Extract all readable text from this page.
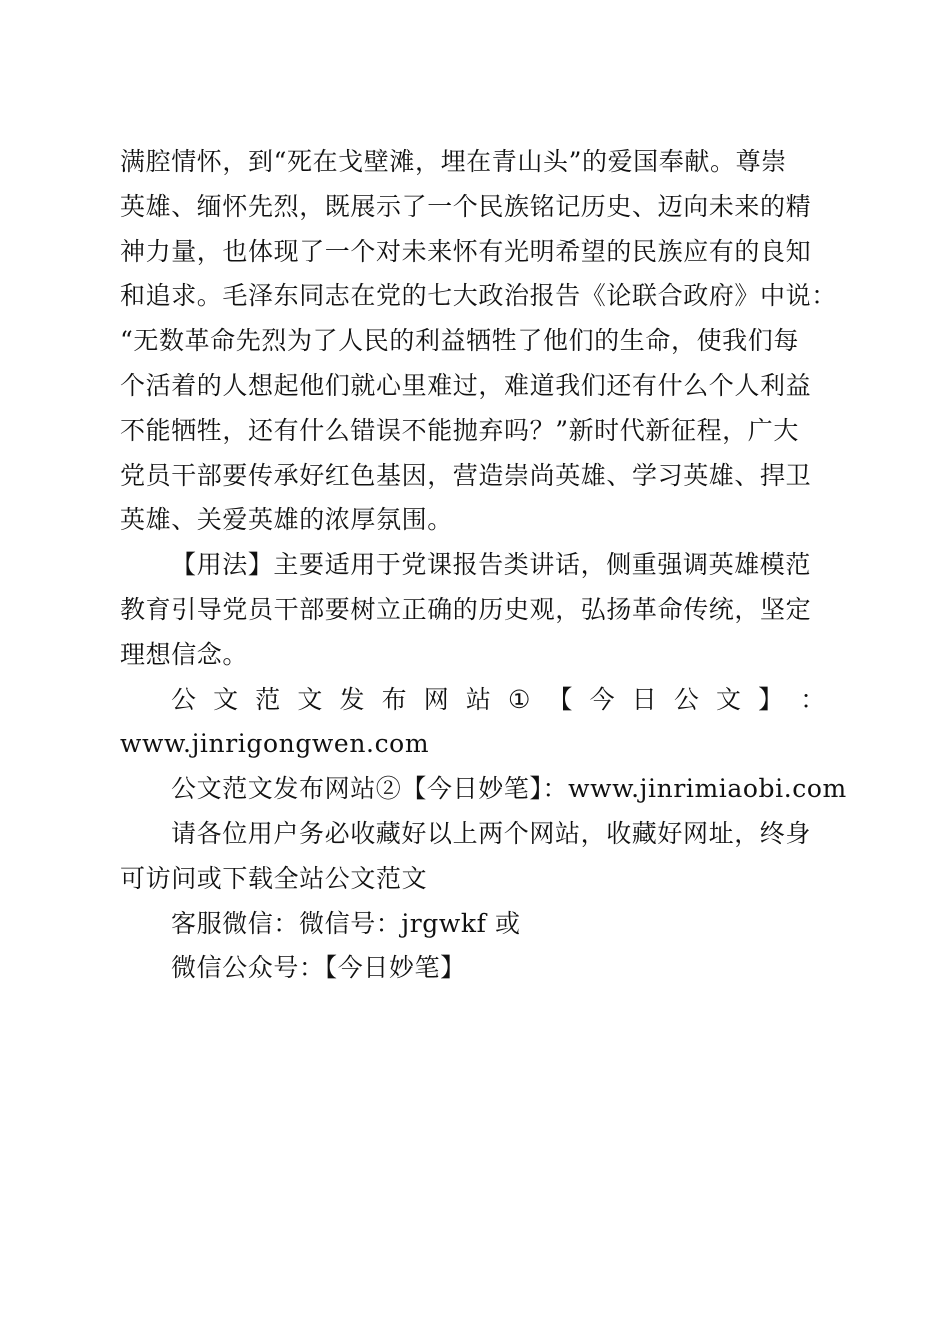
满腔情怀，到“死在戈壁滩，埋在青山头”的爱国奉献。尊崇
英雄、缅怀先烈，既展示了一个民族铭记历史、迈向未来的精
神力量，也体现了一个对未来怀有光明希望的民族应有的良知
和追求。毛泽东同志在党的七大政治报告《论联合政府》中说：
“无数革命先烈为了人民的利益牺牲了他们的生命，使我们每
个活着的人想起他们就心里难过，难道我们还有什么个人利益
不能牺牲，还有什么错误不能抛弃吗？”新时代新征程，广大
党员干部要传承好红色基因，营造崇尚英雄、学习英雄、捍卫
英雄、关爱英雄的浓厚氛围。
【用法】主要适用于党课报告类讲话，侧重强调英雄模范
教育引导党员干部要树立正确的历史观，弘扬革命传统，坚定
理想信念。
公 文 范 文 发 布 网 站 ① 【 今 日 公 文 】 ：
www.jinrigongwen.com
公文范文发布网站②【今日妙笔】：www.jinrimiaobi.com
请各位用户务必收藏好以上两个网站，收藏好网址，终身
可访问或下载全站公文范文
客服微信：微信号：jrgwkf 或
微信公众号：【今日妙笔】
